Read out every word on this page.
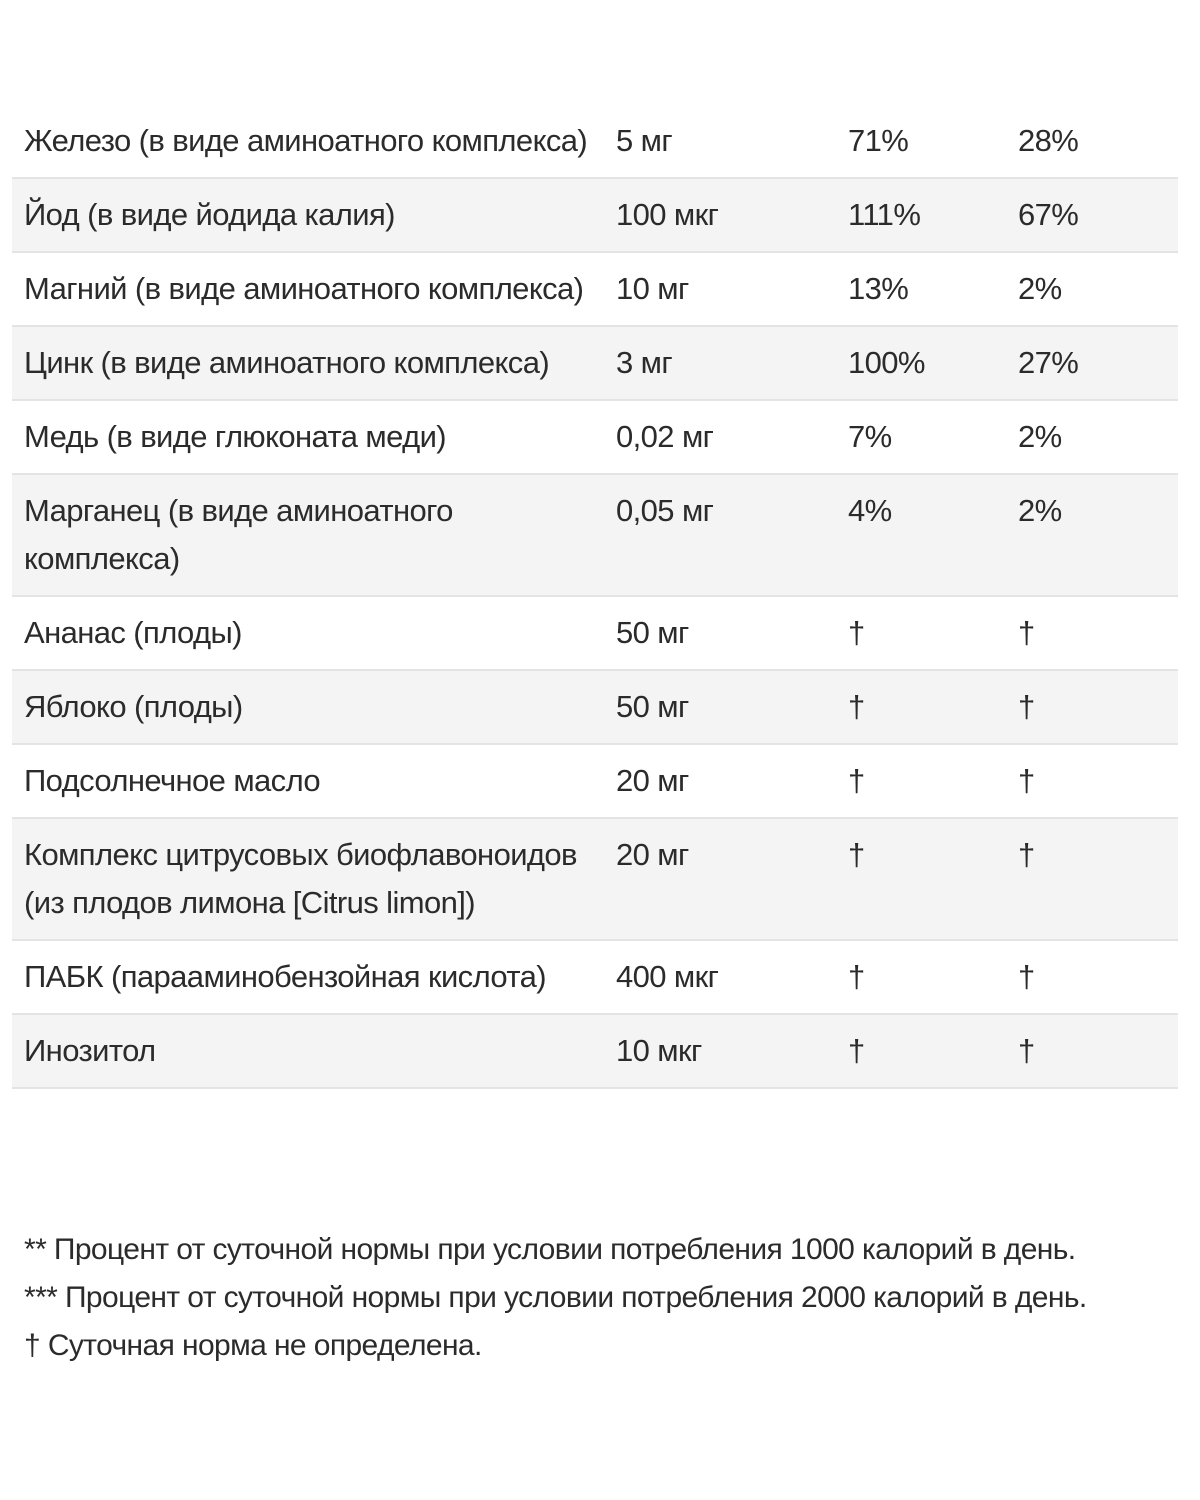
Железо (в виде аминоатного комплекса)	5 мг	71%	28%
Йод (в виде йодида калия)	100 мкг	111%	67%
Магний (в виде аминоатного комплекса)	10 мг	13%	2%
Цинк (в виде аминоатного комплекса)	3 мг	100%	27%
Медь (в виде глюконата меди)	0,02 мг	7%	2%
Марганец (в виде аминоатного комплекса)	0,05 мг	4%	2%
Ананас (плоды)	50 мг	†	†
Яблоко (плоды)	50 мг	†	†
Подсолнечное масло	20 мг	†	†
Комплекс цитрусовых биофлавоноидов (из плодов лимона [Citrus limon])	20 мг	†	†
ПАБК (парааминобензойная кислота)	400 мкг	†	†
Инозитол	10 мкг	†	†

** Процент от суточной нормы при условии потребления 1000 калорий в день.

*** Процент от суточной нормы при условии потребления 2000 калорий в день.

† Суточная норма не определена.
